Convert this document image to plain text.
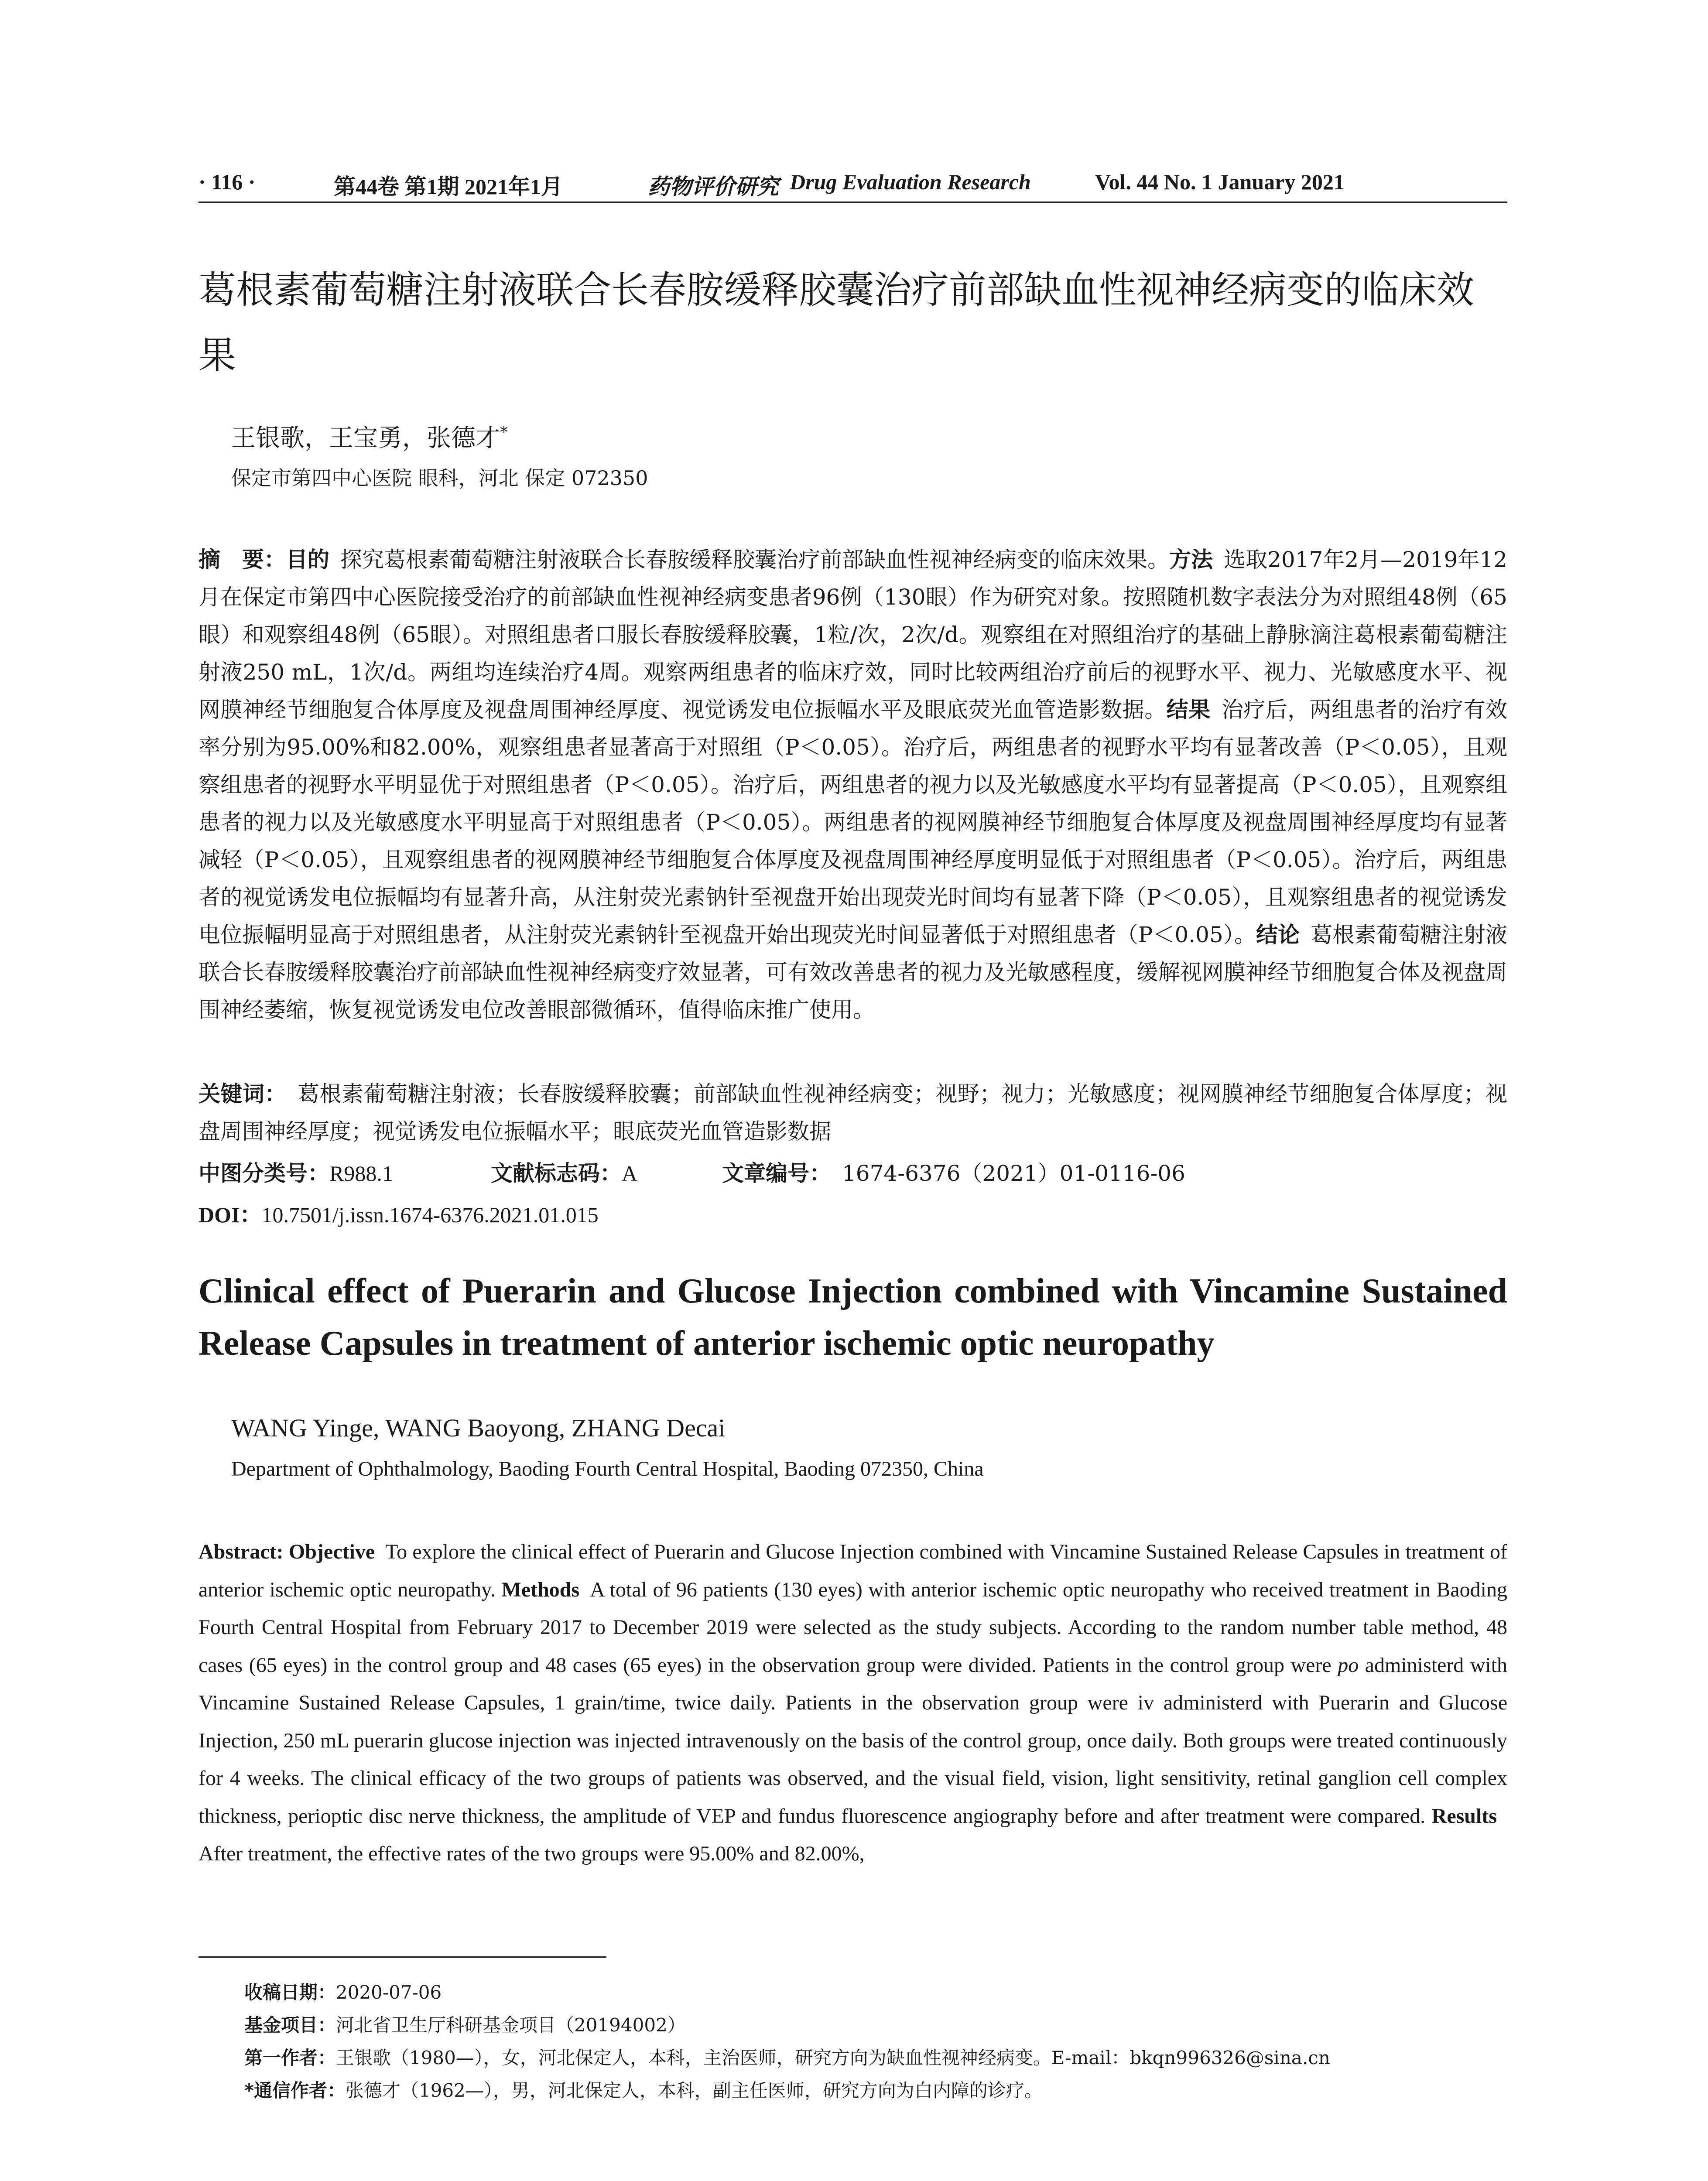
· 116 ·	第44卷 第1期 2021年1月	药物评价研究 Drug Evaluation Research	Vol. 44 No. 1 January 2021
葛根素葡萄糖注射液联合长春胺缓释胶囊治疗前部缺血性视神经病变的临床效果
王银歌，王宝勇，张德才*
保定市第四中心医院 眼科，河北 保定 072350
摘　要：目的  探究葛根素葡萄糖注射液联合长春胺缓释胶囊治疗前部缺血性视神经病变的临床效果。方法  选取2017年2月—2019年12月在保定市第四中心医院接受治疗的前部缺血性视神经病变患者96例（130眼）作为研究对象。按照随机数字表法分为对照组48例（65眼）和观察组48例（65眼）。对照组患者口服长春胺缓释胶囊，1粒/次，2次/d。观察组在对照组治疗的基础上静脉滴注葛根素葡萄糖注射液250 mL，1次/d。两组均连续治疗4周。观察两组患者的临床疗效，同时比较两组治疗前后的视野水平、视力、光敏感度水平、视网膜神经节细胞复合体厚度及视盘周围神经厚度、视觉诱发电位振幅水平及眼底荧光血管造影数据。结果  治疗后，两组患者的治疗有效率分别为95.00%和82.00%，观察组患者显著高于对照组（P＜0.05）。治疗后，两组患者的视野水平均有显著改善（P＜0.05），且观察组患者的视野水平明显优于对照组患者（P＜0.05）。治疗后，两组患者的视力以及光敏感度水平均有显著提高（P＜0.05），且观察组患者的视力以及光敏感度水平明显高于对照组患者（P＜0.05）。两组患者的视网膜神经节细胞复合体厚度及视盘周围神经厚度均有显著减轻（P＜0.05），且观察组患者的视网膜神经节细胞复合体厚度及视盘周围神经厚度明显低于对照组患者（P＜0.05）。治疗后，两组患者的视觉诱发电位振幅均有显著升高，从注射荧光素钠针至视盘开始出现荧光时间均有显著下降（P＜0.05），且观察组患者的视觉诱发电位振幅明显高于对照组患者，从注射荧光素钠针至视盘开始出现荧光时间显著低于对照组患者（P＜0.05）。结论  葛根素葡萄糖注射液联合长春胺缓释胶囊治疗前部缺血性视神经病变疗效显著，可有效改善患者的视力及光敏感程度，缓解视网膜神经节细胞复合体及视盘周围神经萎缩，恢复视觉诱发电位改善眼部微循环，值得临床推广使用。
关键词：  葛根素葡萄糖注射液；长春胺缓释胶囊；前部缺血性视神经病变；视野；视力；光敏感度；视网膜神经节细胞复合体厚度；视盘周围神经厚度；视觉诱发电位振幅水平；眼底荧光血管造影数据
中图分类号：R988.1	文献标志码：A	文章编号：  1674-6376（2021）01-0116-06
DOI：10.7501/j.issn.1674-6376.2021.01.015
Clinical effect of Puerarin and Glucose Injection combined with Vincamine Sustained Release Capsules in treatment of anterior ischemic optic neuropathy
WANG Yinge, WANG Baoyong, ZHANG Decai
Department of Ophthalmology, Baoding Fourth Central Hospital, Baoding 072350, China
Abstract: Objective  To explore the clinical effect of Puerarin and Glucose Injection combined with Vincamine Sustained Release Capsules in treatment of anterior ischemic optic neuropathy. Methods  A total of 96 patients (130 eyes) with anterior ischemic optic neuropathy who received treatment in Baoding Fourth Central Hospital from February 2017 to December 2019 were selected as the study subjects. According to the random number table method, 48 cases (65 eyes) in the control group and 48 cases (65 eyes) in the observation group were divided. Patients in the control group were po administerd with Vincamine Sustained Release Capsules, 1 grain/time, twice daily. Patients in the observation group were iv administerd with Puerarin and Glucose Injection, 250 mL puerarin glucose injection was injected intravenously on the basis of the control group, once daily. Both groups were treated continuously for 4 weeks. The clinical efficacy of the two groups of patients was observed, and the visual field, vision, light sensitivity, retinal ganglion cell complex thickness, perioptic disc nerve thickness, the amplitude of VEP and fundus fluorescence angiography before and after treatment were compared. Results After treatment, the effective rates of the two groups were 95.00% and 82.00%,
收稿日期：2020-07-06
基金项目：河北省卫生厅科研基金项目（20194002）
第一作者：王银歌（1980—），女，河北保定人，本科，主治医师，研究方向为缺血性视神经病变。E-mail：bkqn996326@sina.cn
*通信作者：张德才（1962—），男，河北保定人，本科，副主任医师，研究方向为白内障的诊疗。
